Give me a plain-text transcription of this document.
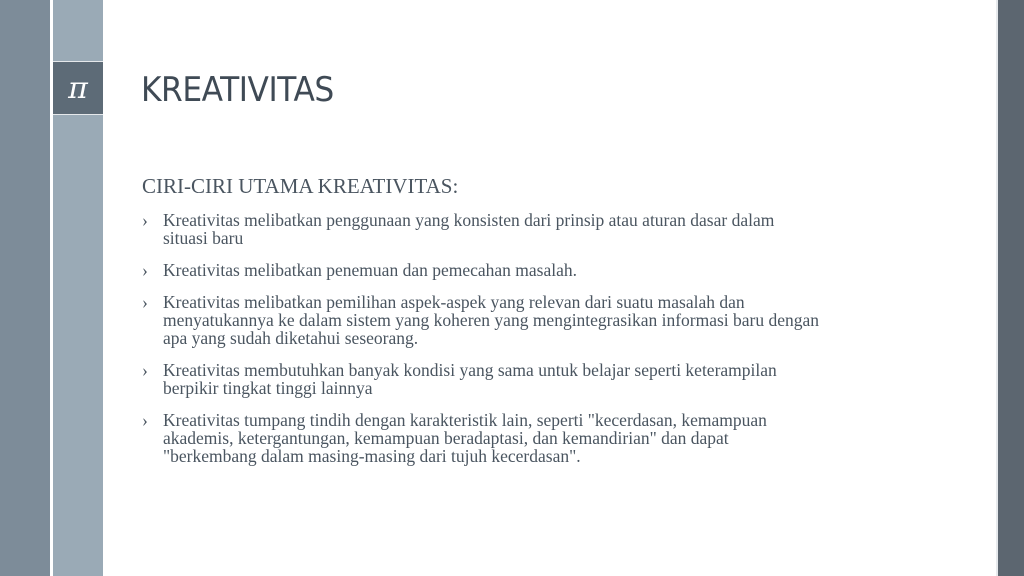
π	KREATIVITAS
CIRI-CIRI UTAMA KREATIVITAS:
› Kreativitas melibatkan penggunaan yang konsisten dari prinsip atau aturan dasar dalam situasi baru
› Kreativitas melibatkan penemuan dan pemecahan masalah.
› Kreativitas melibatkan pemilihan aspek-aspek yang relevan dari suatu masalah dan menyatukannya ke dalam sistem yang koheren yang mengintegrasikan informasi baru dengan apa yang sudah diketahui seseorang.
› Kreativitas membutuhkan banyak kondisi yang sama untuk belajar seperti keterampilan berpikir tingkat tinggi lainnya
› Kreativitas tumpang tindih dengan karakteristik lain, seperti "kecerdasan, kemampuan akademis, ketergantungan, kemampuan beradaptasi, dan kemandirian" dan dapat "berkembang dalam masing-masing dari tujuh kecerdasan".
